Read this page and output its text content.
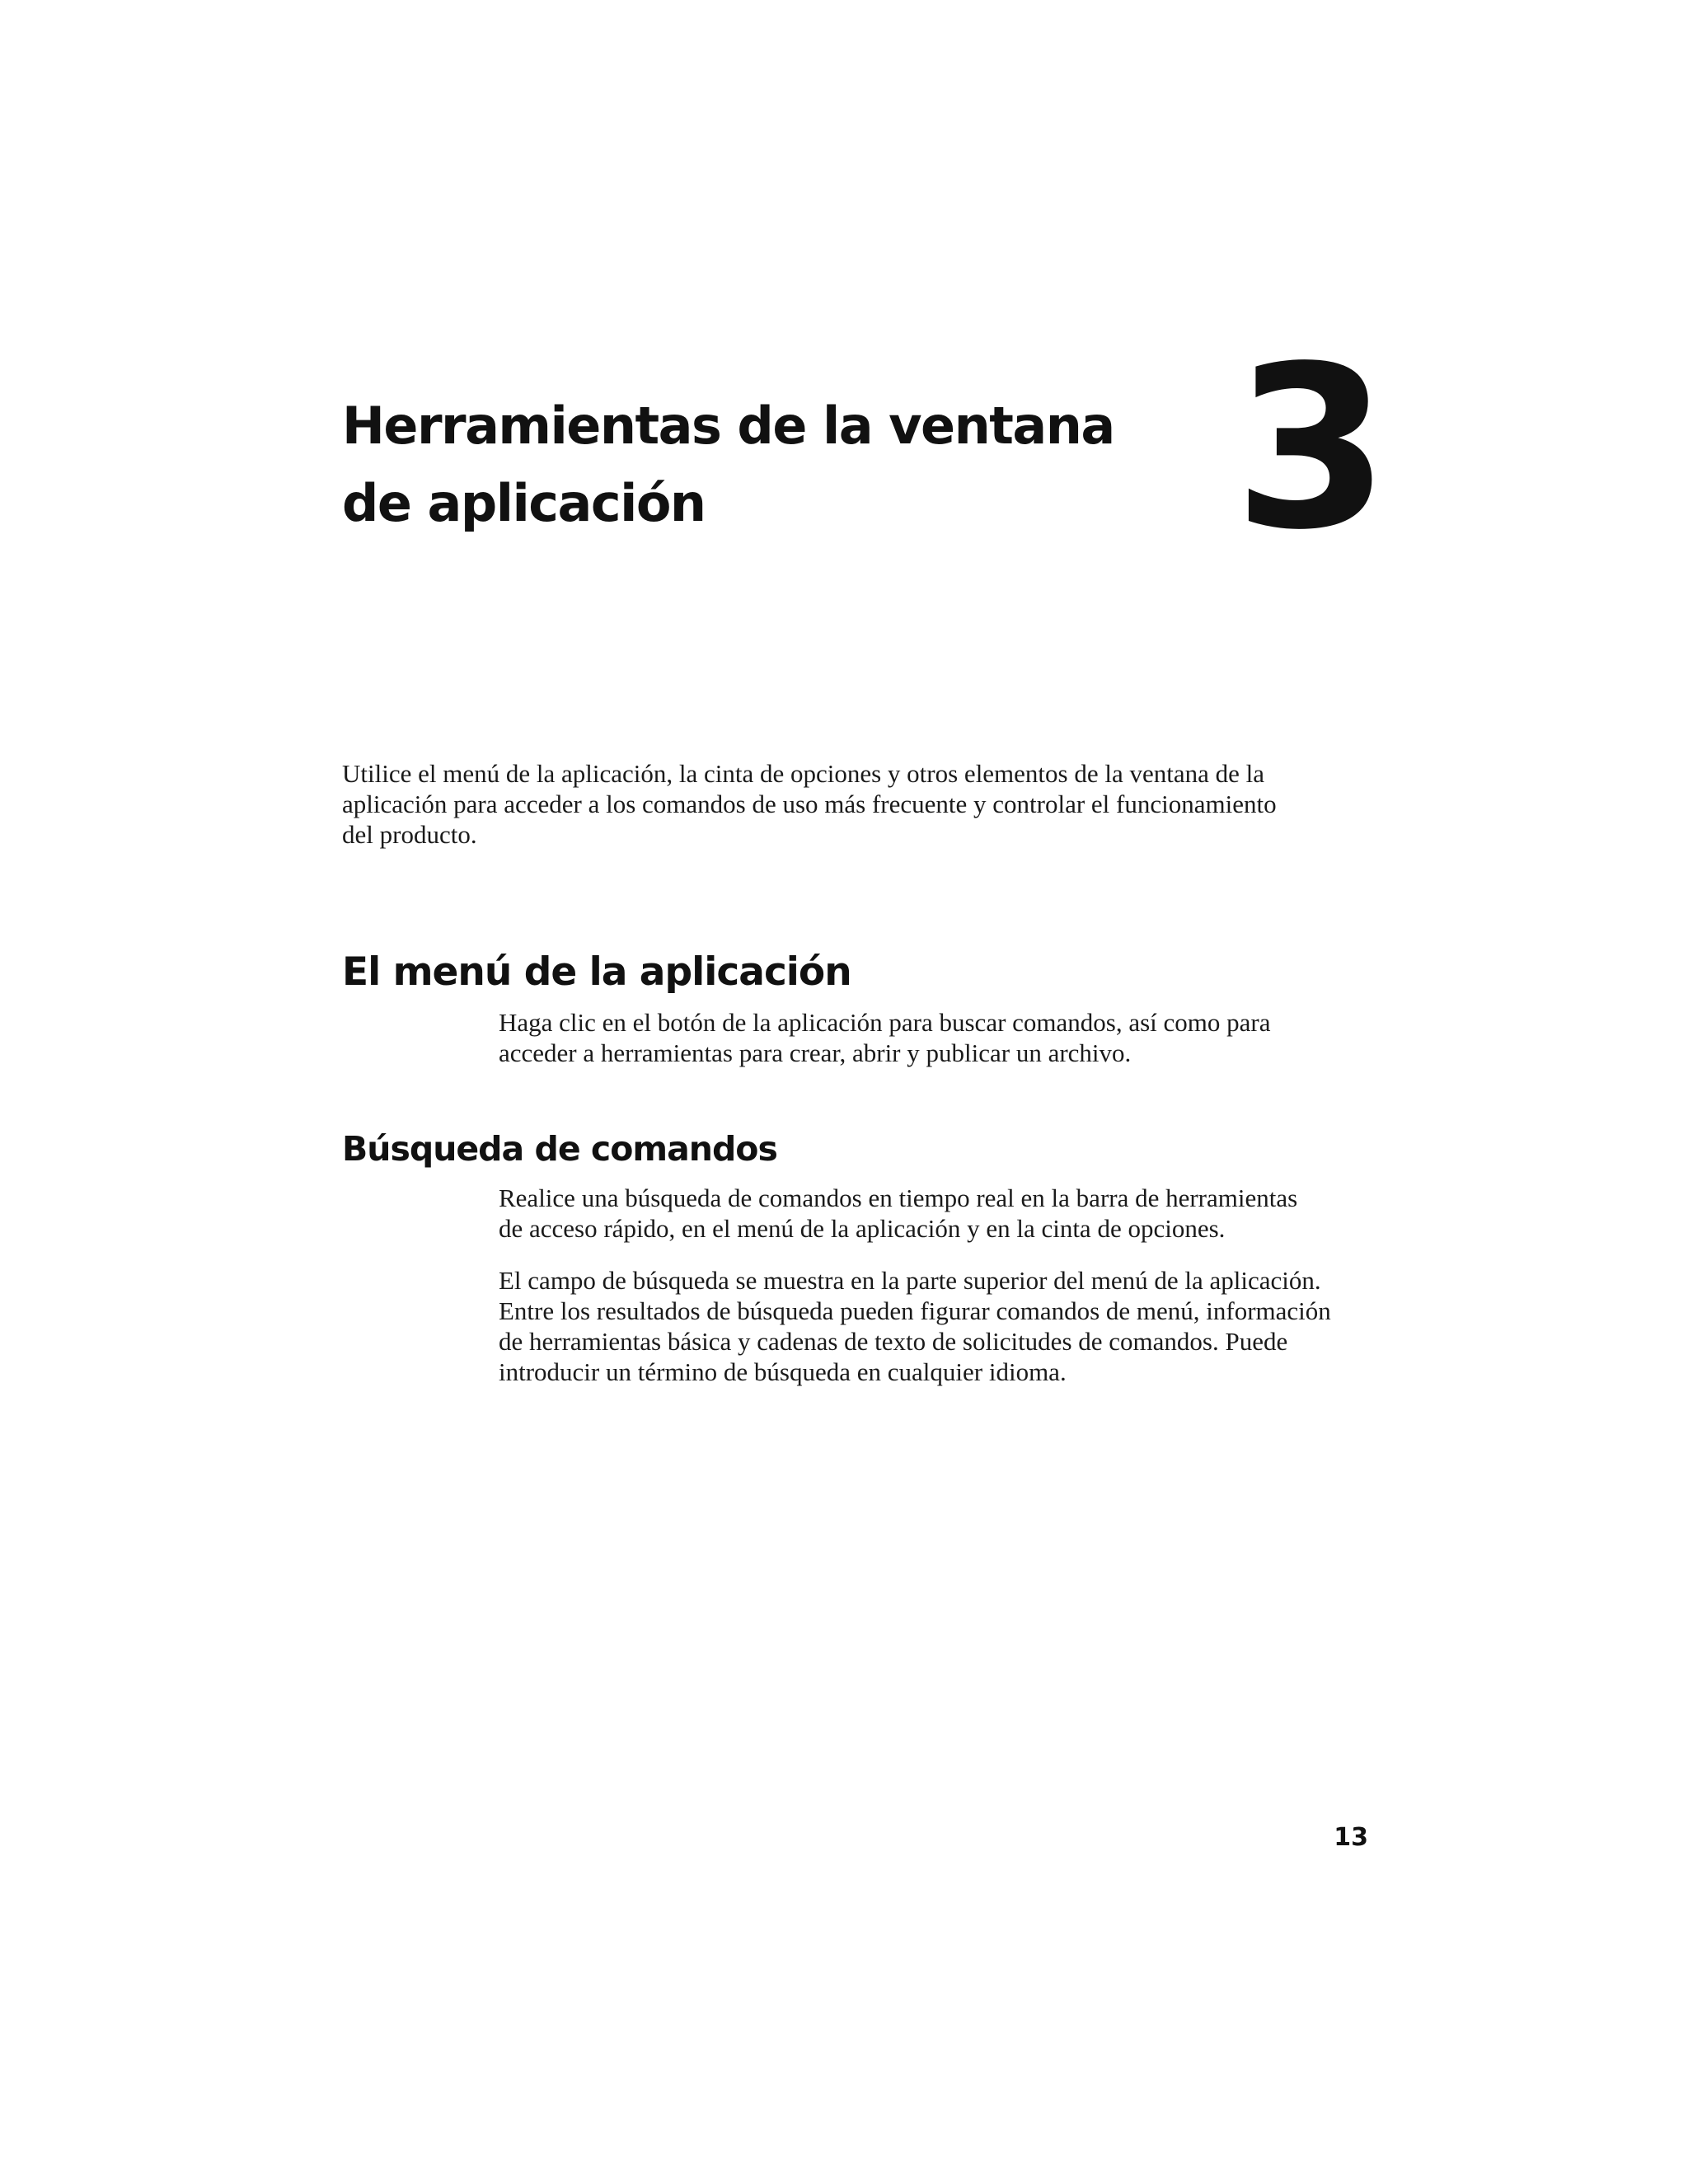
Herramientas de la ventana
de aplicación	3

Utilice el menú de la aplicación, la cinta de opciones y otros elementos de la ventana de la
aplicación para acceder a los comandos de uso más frecuente y controlar el funcionamiento
del producto.

El menú de la aplicación

Haga clic en el botón de la aplicación para buscar comandos, así como para
acceder a herramientas para crear, abrir y publicar un archivo.

Búsqueda de comandos

Realice una búsqueda de comandos en tiempo real en la barra de herramientas
de acceso rápido, en el menú de la aplicación y en la cinta de opciones.

El campo de búsqueda se muestra en la parte superior del menú de la aplicación.
Entre los resultados de búsqueda pueden figurar comandos de menú, información
de herramientas básica y cadenas de texto de solicitudes de comandos. Puede
introducir un término de búsqueda en cualquier idioma.

13
